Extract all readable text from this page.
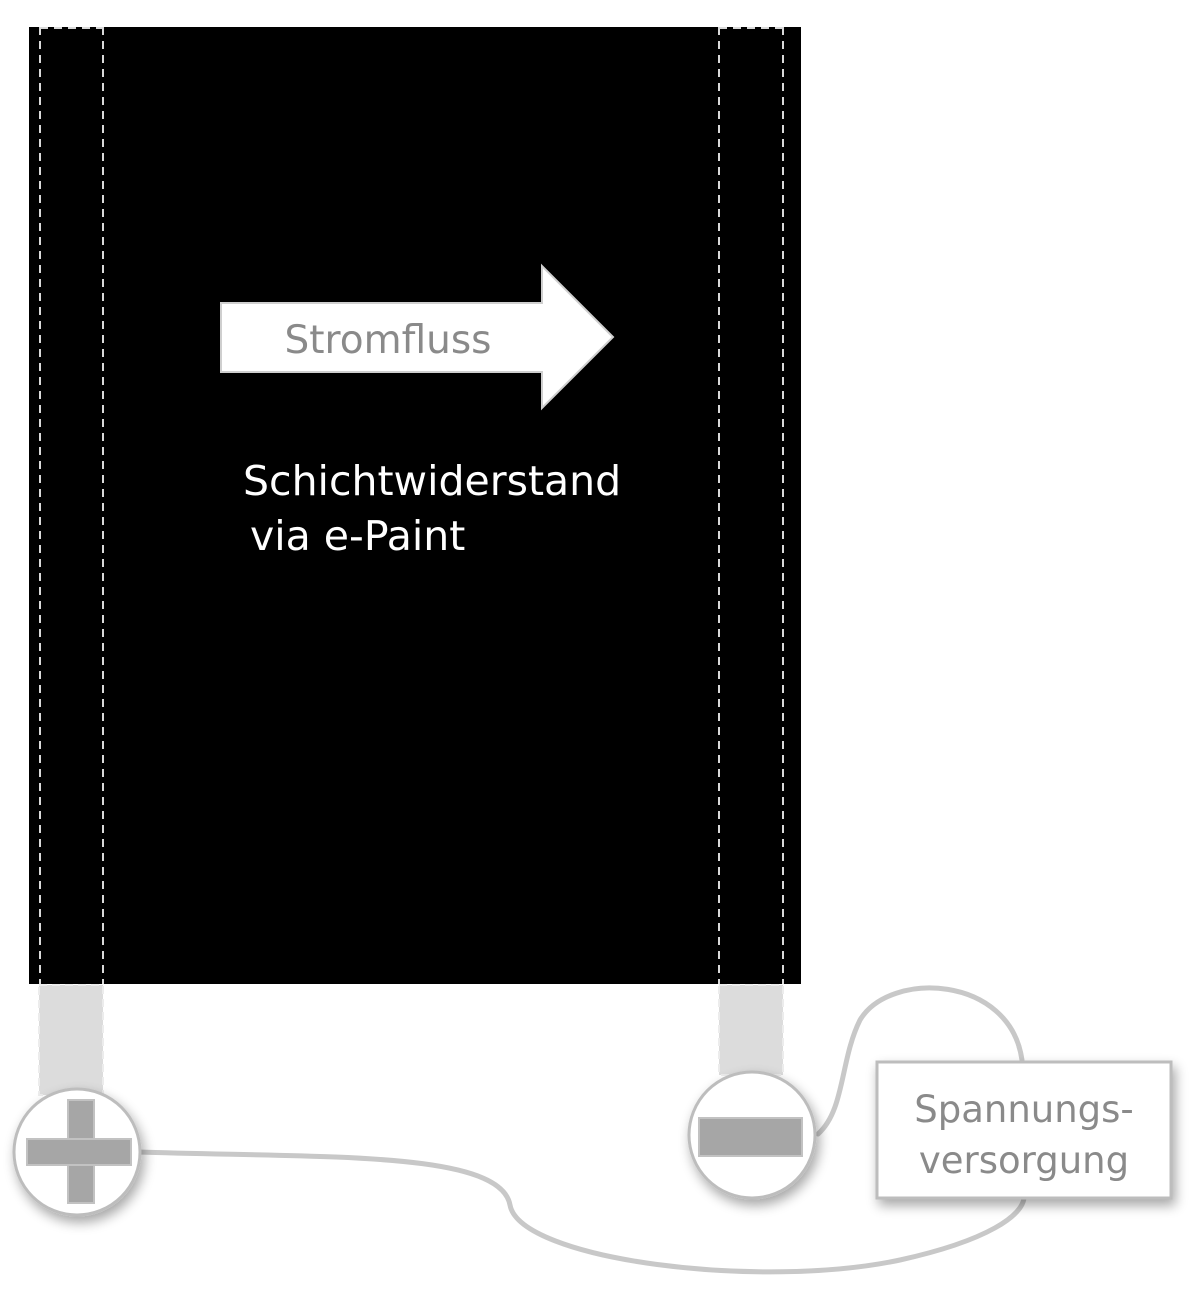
Stromfluss
Schichtwiderstand
via e-Paint
Spannungs-
versorgung
